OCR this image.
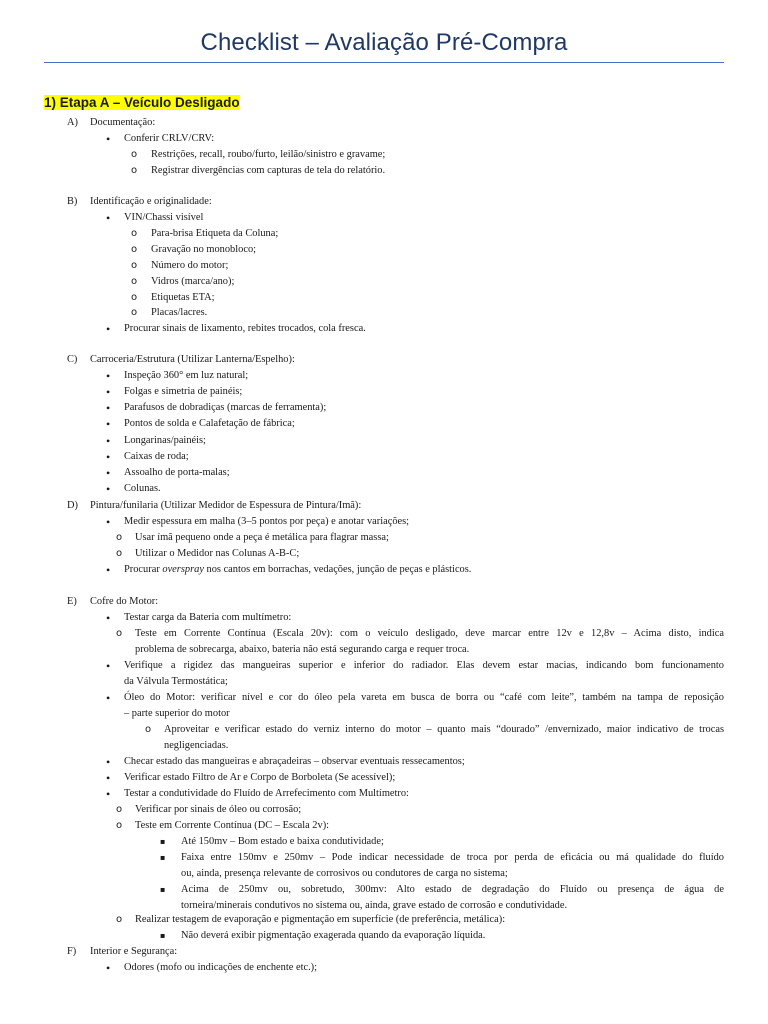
Checklist – Avaliação Pré-Compra
1) Etapa A – Veículo Desligado
A) Documentação:
• Conferir CRLV/CRV:
o Restrições, recall, roubo/furto, leilão/sinistro e gravame;
o Registrar divergências com capturas de tela do relatório.
B) Identificação e originalidade:
• VIN/Chassi visível
o Para-brisa Etiqueta da Coluna;
o Gravação no monobloco;
o Número do motor;
o Vidros (marca/ano);
o Etiquetas ETA;
o Placas/lacres.
• Procurar sinais de lixamento, rebites trocados, cola fresca.
C) Carroceria/Estrutura (Utilizar Lanterna/Espelho):
• Inspeção 360° em luz natural;
• Folgas e simetria de painéis;
• Parafusos de dobradiças (marcas de ferramenta);
• Pontos de solda e Calafetação de fábrica;
• Longarinas/painéis;
• Caixas de roda;
• Assoalho de porta-malas;
• Colunas.
D) Pintura/funilaria (Utilizar Medidor de Espessura de Pintura/Imã):
• Medir espessura em malha (3–5 pontos por peça) e anotar variações;
o Usar ímã pequeno onde a peça é metálica para flagrar massa;
o Utilizar o Medidor nas Colunas A-B-C;
• Procurar overspray nos cantos em borrachas, vedações, junção de peças e plásticos.
E) Cofre do Motor:
• Testar carga da Bateria com multímetro:
o Teste em Corrente Contínua (Escala 20v): com o veículo desligado, deve marcar entre 12v e 12,8v – Acima disto, indica
problema de sobrecarga, abaixo, bateria não está segurando carga e requer troca.
• Verifique a rigidez das mangueiras superior e inferior do radiador. Elas devem estar macias, indicando bom funcionamento
da Válvula Termostática;
• Óleo do Motor: verificar nível e cor do óleo pela vareta em busca de borra ou “café com leite”, também na tampa de reposição
– parte superior do motor
o Aproveitar e verificar estado do verniz interno do motor – quanto mais “dourado” /envernizado, maior indicativo de trocas
negligenciadas.
• Checar estado das mangueiras e abraçadeiras – observar eventuais ressecamentos;
• Verificar estado Filtro de Ar e Corpo de Borboleta (Se acessível);
• Testar a condutividade do Fluído de Arrefecimento com Multímetro:
o Verificar por sinais de óleo ou corrosão;
o Teste em Corrente Contínua (DC – Escala 2v):
▪ Até 150mv – Bom estado e baixa condutividade;
▪ Faixa entre 150mv e 250mv – Pode indicar necessidade de troca por perda de eficácia ou má qualidade do fluído
ou, ainda, presença relevante de corrosivos ou condutores de carga no sistema;
▪ Acima de 250mv ou, sobretudo, 300mv: Alto estado de degradação do Fluído ou presença de água de
torneira/minerais condutivos no sistema ou, ainda, grave estado de corrosão e condutividade.
o Realizar testagem de evaporação e pigmentação em superfície (de preferência, metálica):
▪ Não deverá exibir pigmentação exagerada quando da evaporação líquida.
F) Interior e Segurança:
• Odores (mofo ou indicações de enchente etc.);
